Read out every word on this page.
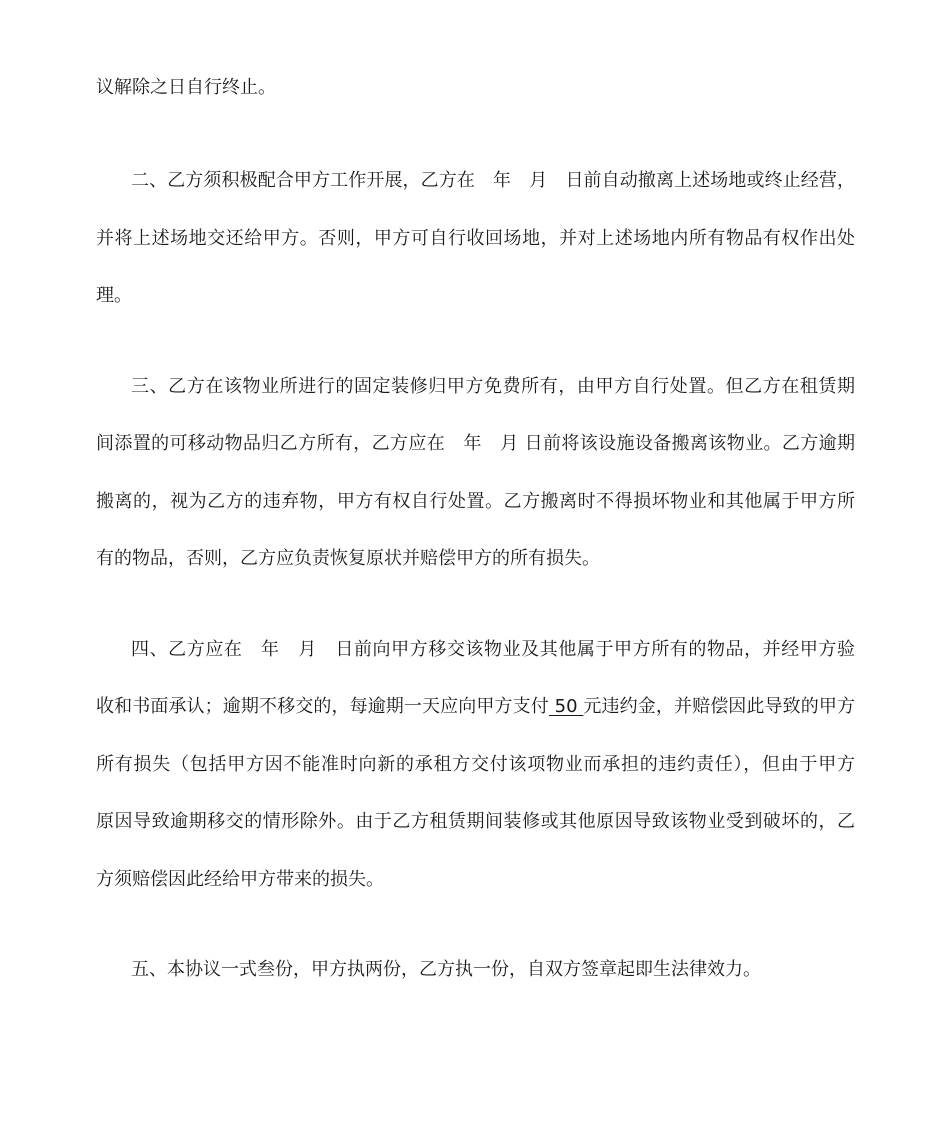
议解除之日自行终止。
二、乙方须积极配合甲方工作开展，乙方在　年　月　日前自动撤离上述场地或终止经营，
并将上述场地交还给甲方。否则，甲方可自行收回场地，并对上述场地内所有物品有权作出处
理。
三、乙方在该物业所进行的固定装修归甲方免费所有，由甲方自行处置。但乙方在租赁期
间添置的可移动物品归乙方所有，乙方应在　年　月 日前将该设施设备搬离该物业。乙方逾期
搬离的，视为乙方的违弃物，甲方有权自行处置。乙方搬离时不得损坏物业和其他属于甲方所
有的物品，否则，乙方应负责恢复原状并赔偿甲方的所有损失。
四、乙方应在　年　月　日前向甲方移交该物业及其他属于甲方所有的物品，并经甲方验
收和书面承认；逾期不移交的，每逾期一天应向甲方支付 50 元违约金，并赔偿因此导致的甲方
所有损失（包括甲方因不能准时向新的承租方交付该项物业而承担的违约责任），但由于甲方
原因导致逾期移交的情形除外。由于乙方租赁期间装修或其他原因导致该物业受到破坏的，乙
方须赔偿因此经给甲方带来的损失。
五、本协议一式叁份，甲方执两份，乙方执一份，自双方签章起即生法律效力。
